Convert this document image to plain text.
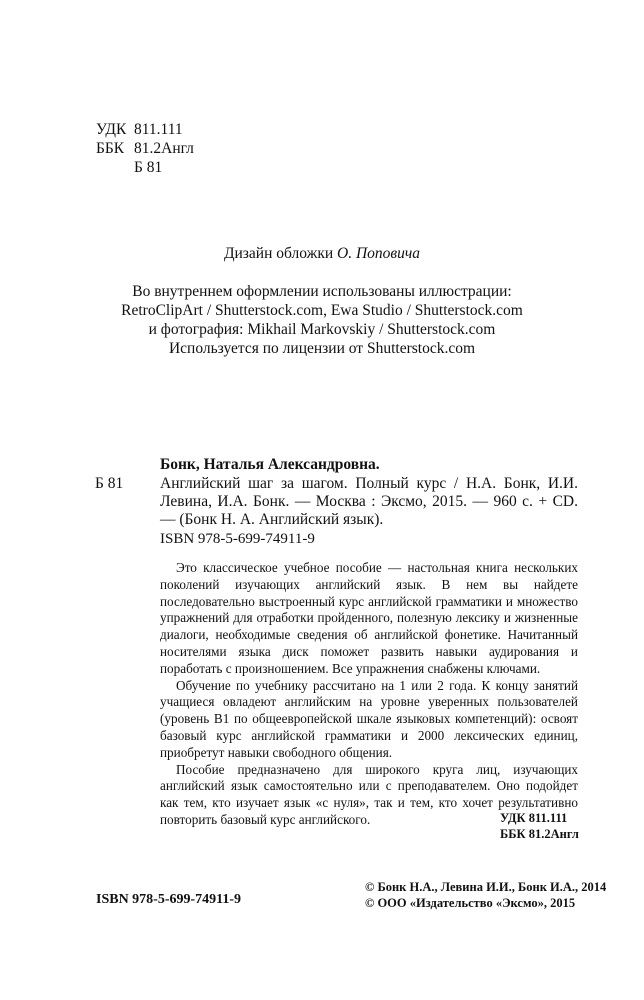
УДК 811.111
ББК 81.2Англ
Б 81
Дизайн обложки О. Поповича
Во внутреннем оформлении использованы иллюстрации:
RetroClipArt / Shutterstock.com, Ewa Studio / Shutterstock.com
и фотография: Mikhail Markovskiy / Shutterstock.com
Используется по лицензии от Shutterstock.com
Бонк, Наталья Александровна.
Б 81 Английский шаг за шагом. Полный курс / Н.А. Бонк, И.И. Левина, И.А. Бонк. — Москва : Эксмо, 2015. — 960 с. + CD. — (Бонк Н. А. Английский язык).
ISBN 978-5-699-74911-9

Это классическое учебное пособие — настольная книга нескольких поколений изучающих английский язык. В нем вы найдете последовательно выстроенный курс английской грамматики и множество упражнений для отработки пройденного, полезную лексику и жизненные диалоги, необходимые сведения об английской фонетике. Начитанный носителями языка диск поможет развить навыки аудирования и поработать с произношением. Все упражнения снабжены ключами.

Обучение по учебнику рассчитано на 1 или 2 года. К концу занятий учащиеся овладеют английским на уровне уверенных пользователей (уровень В1 по общеевропейской шкале языковых компетенций): освоят базовый курс английской грамматики и 2000 лексических единиц, приобретут навыки свободного общения.

Пособие предназначено для широкого круга лиц, изучающих английский язык самостоятельно или с преподавателем. Оно подойдет как тем, кто изучает язык «с нуля», так и тем, кто хочет результативно повторить базовый курс английского.	УДК 811.111
ББК 81.2Англ
ISBN 978-5-699-74911-9
© Бонк Н.А., Левина И.И., Бонк И.А., 2014
© ООО «Издательство «Эксмо», 2015
